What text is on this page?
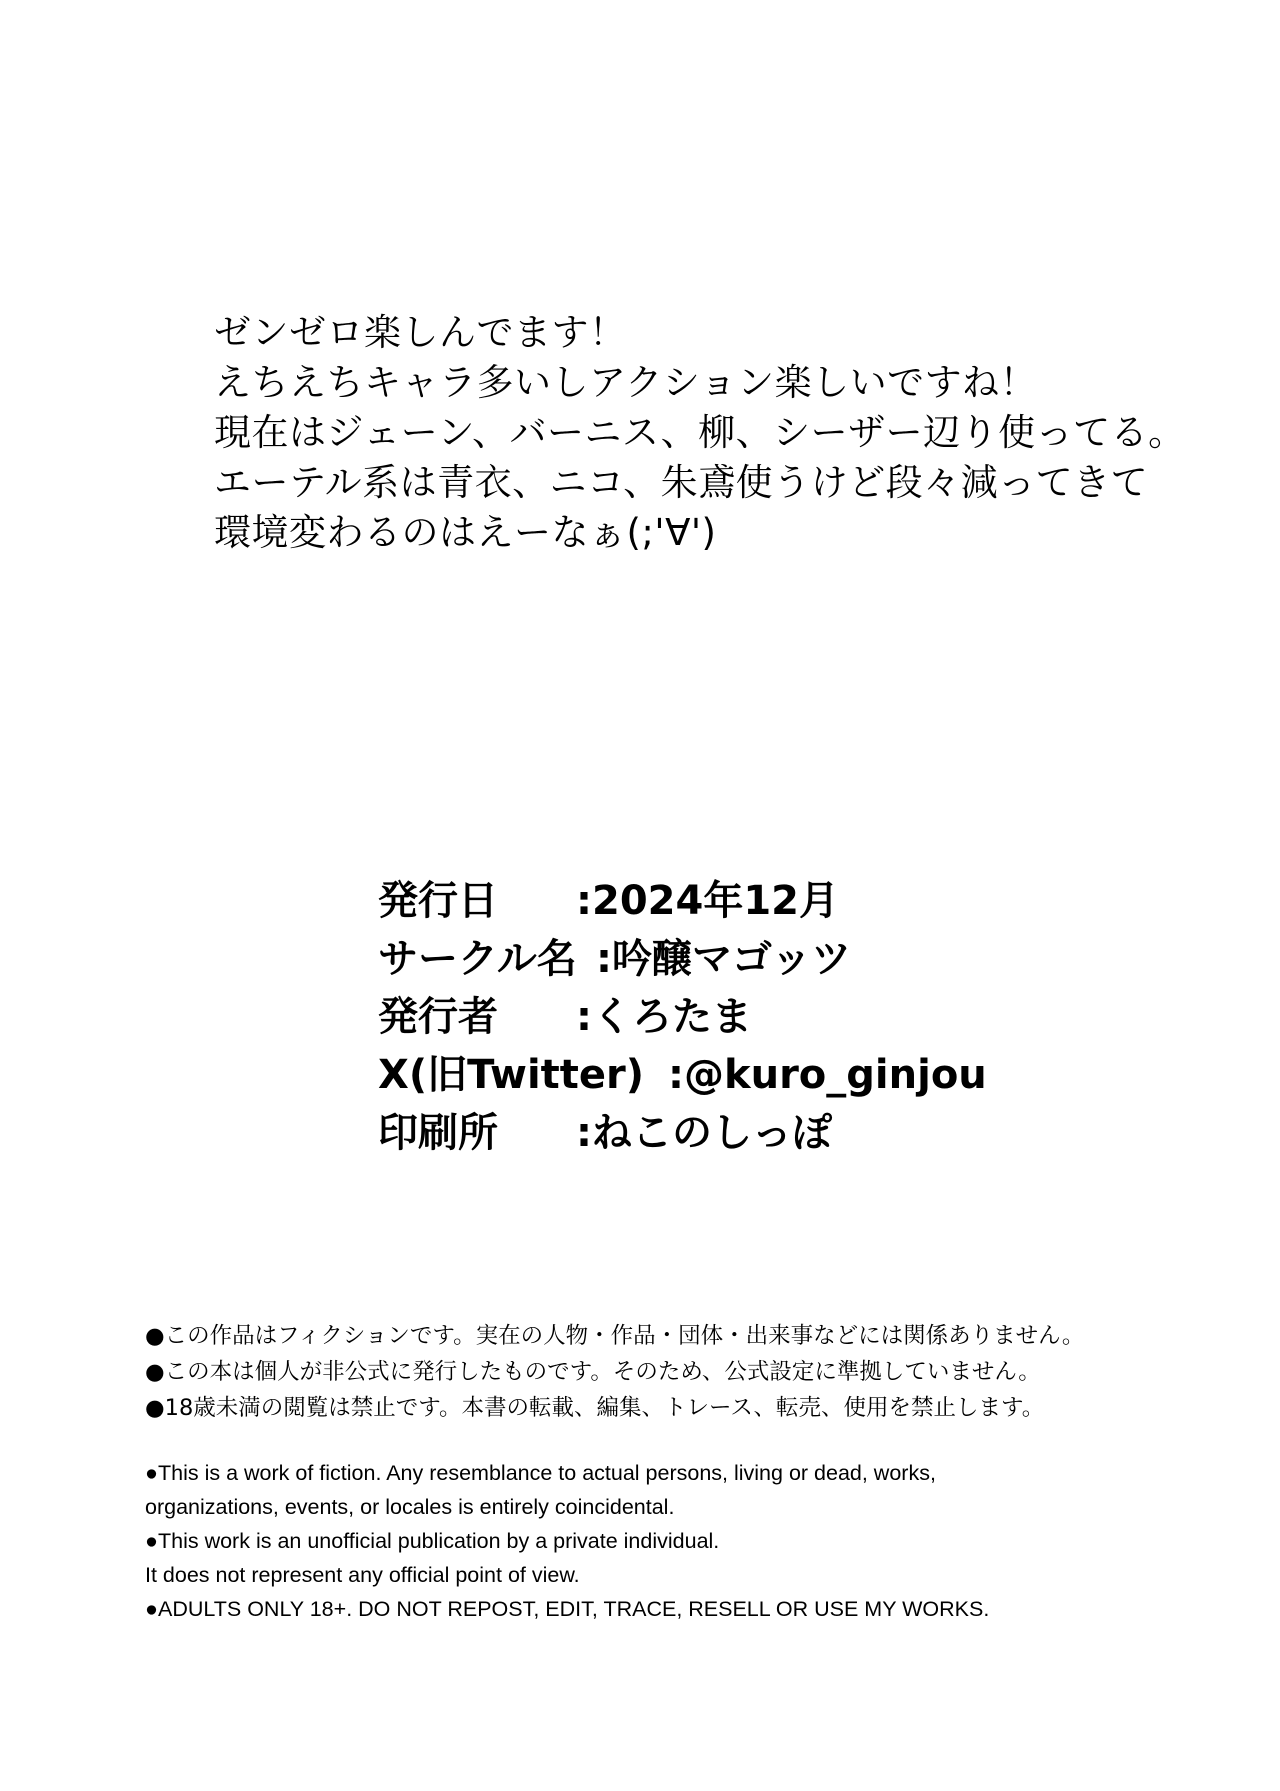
ゼンゼロ楽しんでます！
えちえちキャラ多いしアクション楽しいですね！
現在はジェーン、バーニス、柳、シーザー辺り使ってる。
エーテル系は青衣、ニコ、朱鳶使うけど段々減ってきて
環境変わるのはえーなぁ(;'∀')
発行日	:2024年12月
サークル名 :吟醸マゴッツ
発行者	:くろたま
X(旧Twitter) :@kuro_ginjou
印刷所	:ねこのしっぽ
●この作品はフィクションです。実在の人物・作品・団体・出来事などには関係ありません。
●この本は個人が非公式に発行したものです。そのため、公式設定に準拠していません。
●18歳未満の閲覧は禁止です。本書の転載、編集、トレース、転売、使用を禁止します。
●This is a work of fiction. Any resemblance to actual persons, living or dead, works,
organizations, events, or locales is entirely coincidental.
●This work is an unofficial publication by a private individual.
It does not represent any official point of view.
●ADULTS ONLY 18+. DO NOT REPOST, EDIT, TRACE, RESELL OR USE MY WORKS.
